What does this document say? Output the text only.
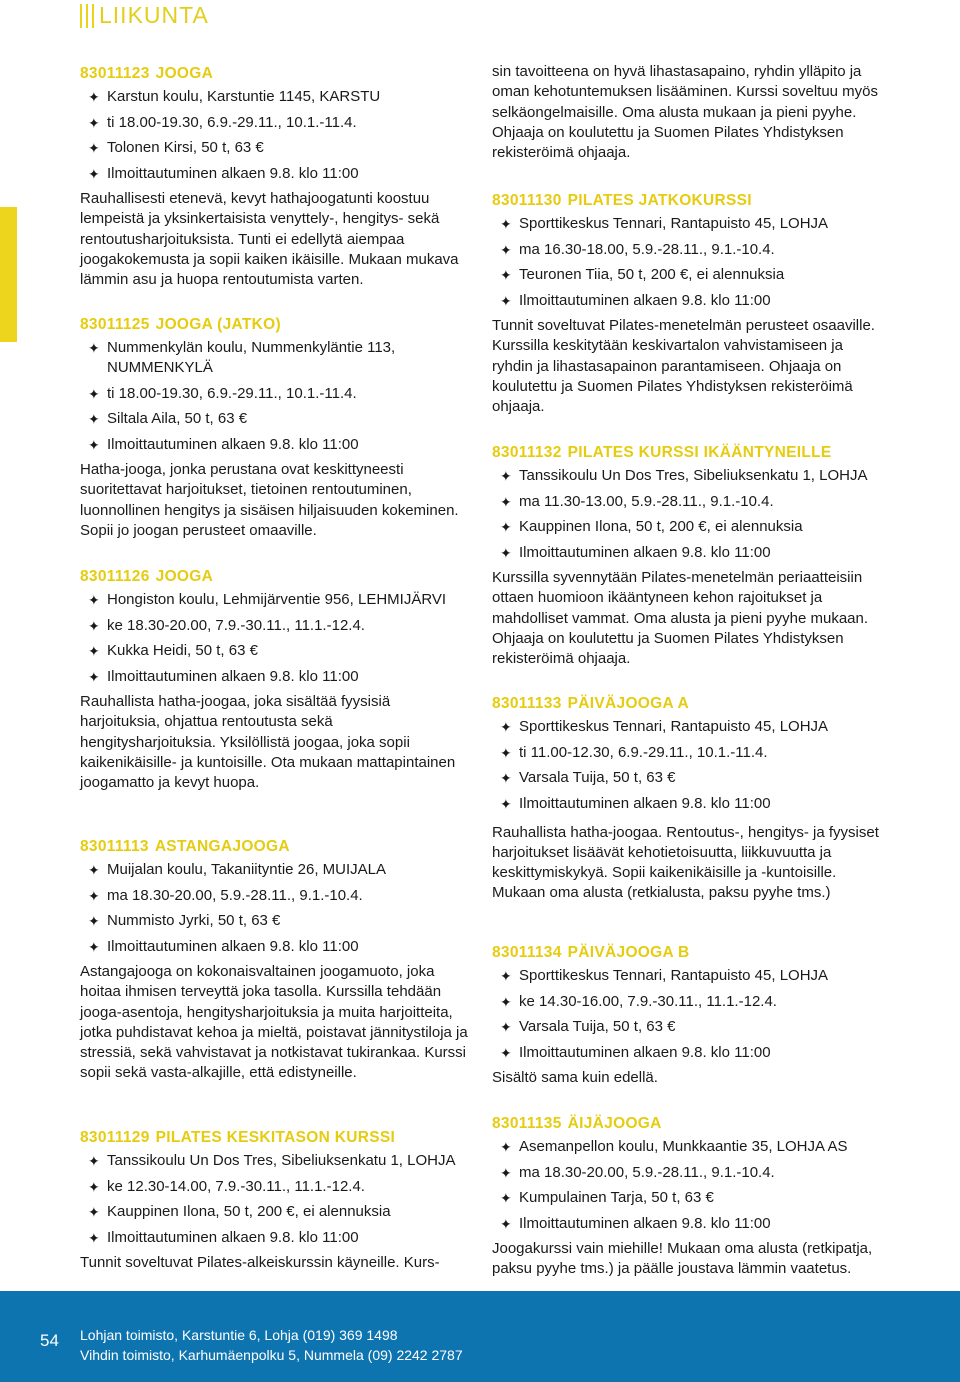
LIIKUNTA
83011123 JOOGA
✦ Karstun koulu, Karstuntie 1145, KARSTU
✦ ti 18.00-19.30, 6.9.-29.11., 10.1.-11.4.
✦ Tolonen Kirsi, 50 t, 63 €
✦ Ilmoittautuminen alkaen 9.8. klo 11:00

Rauhallisesti etenevä, kevyt hathajoogatunti koostuu lempeistä ja yksinkertaisista venyttely-, hengitys- sekä rentoutusharjoituksista. Tunti ei edellytä aiempaa joogakokemusta ja sopii kaiken ikäisille. Mukaan mukava lämmin asu ja huopa rentoutumista varten.

83011125 JOOGA (JATKO)
✦ Nummenkylän koulu, Nummenkyläntie 113, NUMMENKYLÄ
✦ ti 18.00-19.30, 6.9.-29.11., 10.1.-11.4.
✦ Siltala Aila, 50 t, 63 €
✦ Ilmoittautuminen alkaen 9.8. klo 11:00

Hatha-jooga, jonka perustana ovat keskittyneesti suoritettavat harjoitukset, tietoinen rentoutuminen, luonnollinen hengitys ja sisäisen hiljaisuuden kokeminen. Sopii jo joogan perusteet omaaville.

83011126 JOOGA
✦ Hongiston koulu, Lehmijärventie 956, LEHMIJÄRVI
✦ ke 18.30-20.00, 7.9.-30.11., 11.1.-12.4.
✦ Kukka Heidi, 50 t, 63 €
✦ Ilmoittautuminen alkaen 9.8. klo 11:00

Rauhallista hatha-joogaa, joka sisältää fyysisiä harjoituksia, ohjattua rentoutusta sekä hengitysharjoituksia. Yksilöllistä joogaa, joka sopii kaikenikäisille- ja kuntoisille. Ota mukaan mattapintainen joogamatto ja kevyt huopa.

83011113 ASTANGAJOOGA
✦ Muijalan koulu, Takaniityntie 26, MUIJALA
✦ ma 18.30-20.00, 5.9.-28.11., 9.1.-10.4.
✦ Nummisto Jyrki, 50 t, 63 €
✦ Ilmoittautuminen alkaen 9.8. klo 11:00

Astangajooga on kokonaisvaltainen joogamuoto, joka hoitaa ihmisen terveyttä joka tasolla. Kurssilla tehdään jooga-asentoja, hengitysharjoituksia ja muita harjoitteita, jotka puhdistavat kehoa ja mieltä, poistavat jännitystiloja ja stressiä, sekä vahvistavat ja notkistavat tukirankaa. Kurssi sopii sekä vasta-alkajille, että edistyneille.

83011129 PILATES KESKITASON KURSSI
✦ Tanssikoulu Un Dos Tres, Sibeliuksenkatu 1, LOHJA
✦ ke 12.30-14.00, 7.9.-30.11., 11.1.-12.4.
✦ Kauppinen Ilona, 50 t, 200 €, ei alennuksia
✦ Ilmoittautuminen alkaen 9.8. klo 11:00

Tunnit soveltuvat Pilates-alkeiskurssin käyneille. Kurs-

sin tavoitteena on hyvä lihastasapaino, ryhdin ylläpito ja oman kehotuntemuksen lisääminen. Kurssi soveltuu myös selkäongelmaisille. Oma alusta mukaan ja pieni pyyhe. Ohjaaja on koulutettu ja Suomen Pilates Yhdistyksen rekisteröimä ohjaaja.

83011130 PILATES JATKOKURSSI
✦ Sporttikeskus Tennari, Rantapuisto 45, LOHJA
✦ ma 16.30-18.00, 5.9.-28.11., 9.1.-10.4.
✦ Teuronen Tiia, 50 t, 200 €, ei alennuksia
✦ Ilmoittautuminen alkaen 9.8. klo 11:00

Tunnit soveltuvat Pilates-menetelmän perusteet osaaville. Kurssilla keskitytään keskivartalon vahvistamiseen ja ryhdin ja lihastasapainon parantamiseen. Ohjaaja on koulutettu ja Suomen Pilates Yhdistyksen rekisteröimä ohjaaja.

83011132 PILATES KURSSI IKÄÄNTYNEILLE
✦ Tanssikoulu Un Dos Tres, Sibeliuksenkatu 1, LOHJA
✦ ma 11.30-13.00, 5.9.-28.11., 9.1.-10.4.
✦ Kauppinen Ilona, 50 t, 200 €, ei alennuksia
✦ Ilmoittautuminen alkaen 9.8. klo 11:00

Kurssilla syvennytään Pilates-menetelmän periaatteisiin ottaen huomioon ikääntyneen kehon rajoitukset ja mahdolliset vammat. Oma alusta ja pieni pyyhe mukaan. Ohjaaja on koulutettu ja Suomen Pilates Yhdistyksen rekisteröimä ohjaaja.

83011133 PÄIVÄJOOGA A
✦ Sporttikeskus Tennari, Rantapuisto 45, LOHJA
✦ ti 11.00-12.30, 6.9.-29.11., 10.1.-11.4.
✦ Varsala Tuija, 50 t, 63 €
✦ Ilmoittautuminen alkaen 9.8. klo 11:00

Rauhallista hatha-joogaa. Rentoutus-, hengitys- ja fyysiset harjoitukset lisäävät kehotietoisuutta, liikkuvuutta ja keskittymiskykyä. Sopii kaikenikäisille ja -kuntoisille. Mukaan oma alusta (retkialusta, paksu pyyhe tms.)

83011134 PÄIVÄJOOGA B
✦ Sporttikeskus Tennari, Rantapuisto 45, LOHJA
✦ ke 14.30-16.00, 7.9.-30.11., 11.1.-12.4.
✦ Varsala Tuija, 50 t, 63 €
✦ Ilmoittautuminen alkaen 9.8. klo 11:00

Sisältö sama kuin edellä.

83011135 ÄIJÄJOOGA
✦ Asemanpellon koulu, Munkkaantie 35, LOHJA AS
✦ ma 18.30-20.00, 5.9.-28.11., 9.1.-10.4.
✦ Kumpulainen Tarja, 50 t, 63 €
✦ Ilmoittautuminen alkaen 9.8. klo 11:00

Joogakurssi vain miehille! Mukaan oma alusta (retkipatja, paksu pyyhe tms.) ja päälle joustava lämmin vaatetus.

54 Lohjan toimisto, Karstuntie 6, Lohja (019) 369 1498
Vihdin toimisto, Karhumäenpolku 5, Nummela (09) 2242 2787
